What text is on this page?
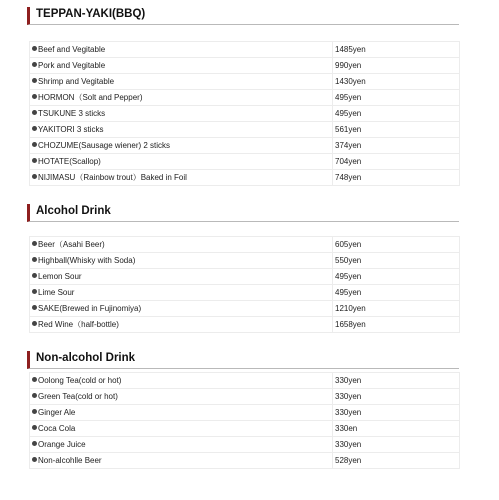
TEPPAN-YAKI(BBQ)
Beef and Vegitable	1485yen
Pork and Vegitable	990yen
Shrimp and Vegitable	1430yen
HORMON（Solt and Pepper)	495yen
TSUKUNE 3 sticks	495yen
YAKITORI 3 sticks	561yen
CHOZUME(Sausage wiener) 2 sticks	374yen
HOTATE(Scallop)	704yen
NIJIMASU（Rainbow trout）Baked in Foil	748yen
Alcohol Drink
Beer（Asahi Beer)	605yen
Highball(Whisky with Soda)	550yen
Lemon Sour	495yen
Lime Sour	495yen
SAKE(Brewed in Fujinomiya)	1210yen
Red Wine（half-bottle)	1658yen
Non-alcohol Drink
Oolong Tea(cold or hot)	330yen
Green Tea(cold or hot)	330yen
Ginger Ale	330yen
Coca Cola	330en
Orange Juice	330yen
Non-alcohlle Beer	528yen
